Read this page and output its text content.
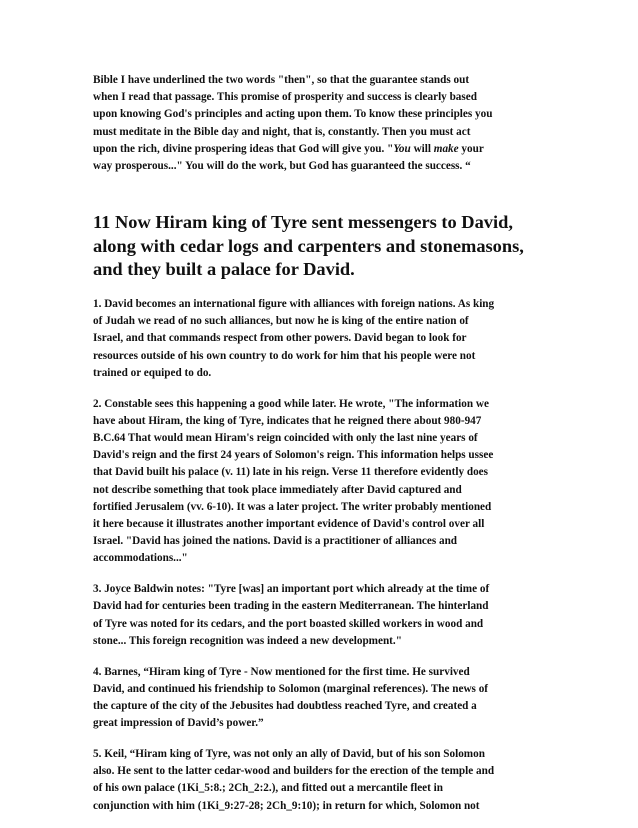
Bible I have underlined the two words "then", so that the guarantee stands out
when I read that passage. This promise of prosperity and success is clearly based
upon knowing God's principles and acting upon them. To know these principles you
must meditate in the Bible day and night, that is, constantly. Then you must act
upon the rich, divine prospering ideas that God will give you. "You will make your
way prosperous..." You will do the work, but God has guaranteed the success. “

11 Now Hiram king of Tyre sent messengers to David,
along with cedar logs and carpenters and stonemasons,
and they built a palace for David.

1. David becomes an international figure with alliances with foreign nations. As king
of Judah we read of no such alliances, but now he is king of the entire nation of
Israel, and that commands respect from other powers. David began to look for
resources outside of his own country to do work for him that his people were not
trained or equiped to do.

2. Constable sees this happening a good while later. He wrote, "The information we
have about Hiram, the king of Tyre, indicates that he reigned there about 980-947
B.C.64 That would mean Hiram's reign coincided with only the last nine years of
David's reign and the first 24 years of Solomon's reign. This information helps ussee
that David built his palace (v. 11) late in his reign. Verse 11 therefore evidently does
not describe something that took place immediately after David captured and
fortified Jerusalem (vv. 6-10). It was a later project. The writer probably mentioned
it here because it illustrates another important evidence of David's control over all
Israel. "David has joined the nations. David is a practitioner of alliances and
accommodations..."

3. Joyce Baldwin notes: "Tyre [was] an important port which already at the time of
David had for centuries been trading in the eastern Mediterranean. The hinterland
of Tyre was noted for its cedars, and the port boasted skilled workers in wood and
stone... This foreign recognition was indeed a new development."

4. Barnes, “Hiram king of Tyre - Now mentioned for the first time. He survived
David, and continued his friendship to Solomon (marginal references). The news of
the capture of the city of the Jebusites had doubtless reached Tyre, and created a
great impression of David’s power.”

5. Keil, “Hiram king of Tyre, was not only an ally of David, but of his son Solomon
also. He sent to the latter cedar-wood and builders for the erection of the temple and
of his own palace (1Ki_5:8.; 2Ch_2:2.), and fitted out a mercantile fleet in
conjunction with him (1Ki_9:27-28; 2Ch_9:10); in return for which, Solomon not
